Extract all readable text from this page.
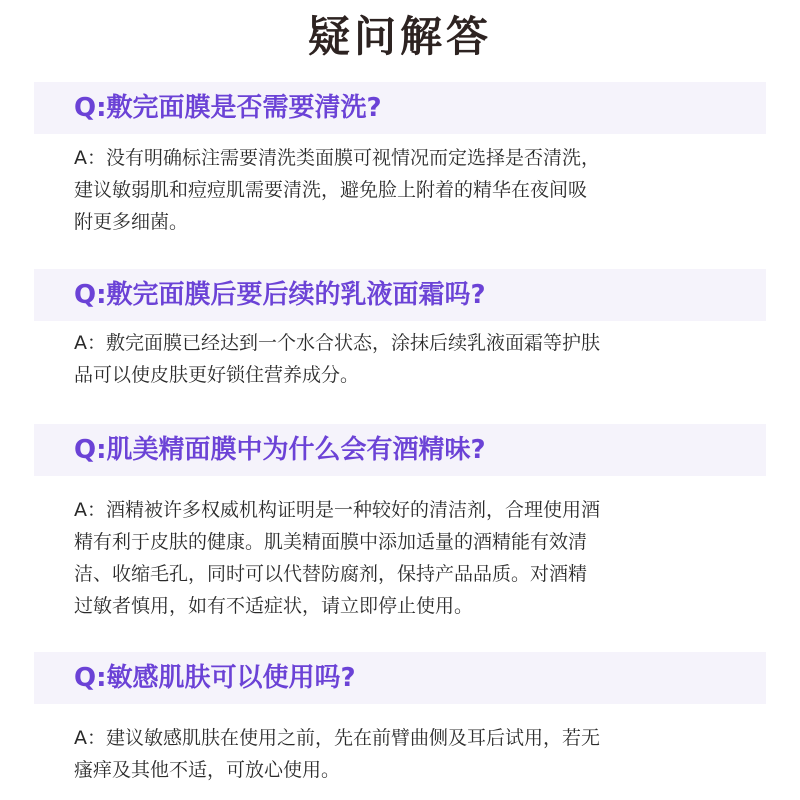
疑问解答
Q:敷完面膜是否需要清洗?
A：没有明确标注需要清洗类面膜可视情况而定选择是否清洗，
建议敏弱肌和痘痘肌需要清洗，避免脸上附着的精华在夜间吸
附更多细菌。
Q:敷完面膜后要后续的乳液面霜吗?
A：敷完面膜已经达到一个水合状态，涂抹后续乳液面霜等护肤
品可以使皮肤更好锁住营养成分。
Q:肌美精面膜中为什么会有酒精味?
A：酒精被许多权威机构证明是一种较好的清洁剂，合理使用酒
精有利于皮肤的健康。肌美精面膜中添加适量的酒精能有效清
洁、收缩毛孔，同时可以代替防腐剂，保持产品品质。对酒精
过敏者慎用，如有不适症状，请立即停止使用。
Q:敏感肌肤可以使用吗?
A：建议敏感肌肤在使用之前，先在前臂曲侧及耳后试用，若无
瘙痒及其他不适，可放心使用。
